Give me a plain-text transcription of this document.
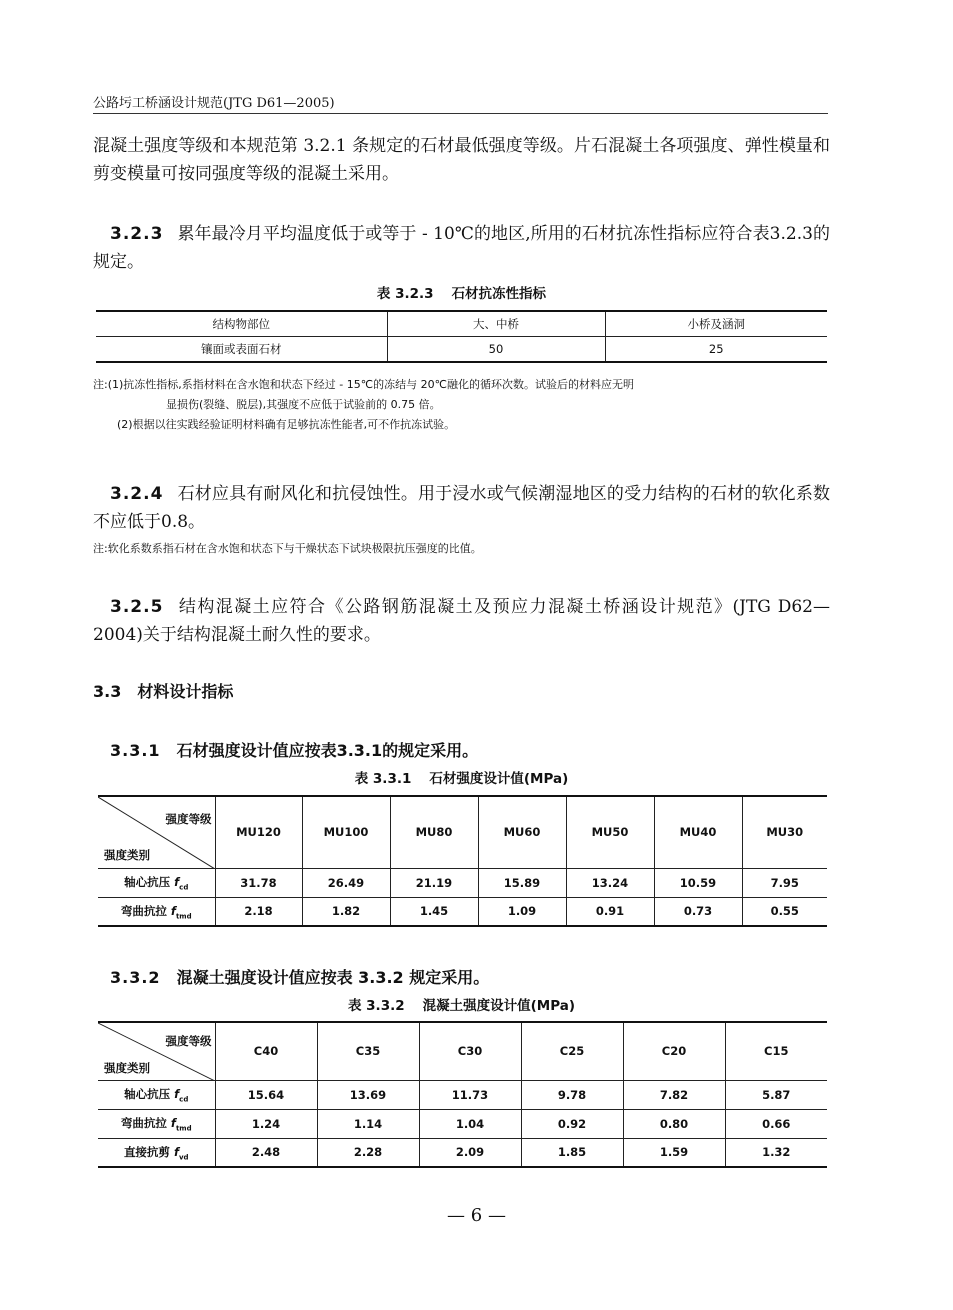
公路圬工桥涵设计规范(JTG D61—2005)
混凝土强度等级和本规范第 3.2.1 条规定的石材最低强度等级。片石混凝土各项强度、弹性模量和剪变模量可按同强度等级的混凝土采用。
3.2.3 累年最冷月平均温度低于或等于 - 10℃的地区,所用的石材抗冻性指标应符合表3.2.3的规定。
表 3.2.3 石材抗冻性指标
结构物部位	大、中桥	小桥及涵洞
镶面或表面石材	50	25
注:(1)抗冻性指标,系指材料在含水饱和状态下经过 - 15℃的冻结与 20℃融化的循环次数。试验后的材料应无明
显损伤(裂缝、脱层),其强度不应低于试验前的 0.75 倍。
(2)根据以往实践经验证明材料确有足够抗冻性能者,可不作抗冻试验。
3.2.4 石材应具有耐风化和抗侵蚀性。用于浸水或气候潮湿地区的受力结构的石材的软化系数不应低于0.8。
注:软化系数系指石材在含水饱和状态下与干燥状态下试块极限抗压强度的比值。
3.2.5 结构混凝土应符合《公路钢筋混凝土及预应力混凝土桥涵设计规范》(JTG D62—2004)关于结构混凝土耐久性的要求。
3.3 材料设计指标
3.3.1 石材强度设计值应按表3.3.1的规定采用。
表 3.3.1 石材强度设计值(MPa)
强度等级
强度类别	MU120	MU100	MU80	MU60	MU50	MU40	MU30
轴心抗压 $f_{cd}$	31.78	26.49	21.19	15.89	13.24	10.59	7.95
弯曲抗拉 $f_{tmd}$	2.18	1.82	1.45	1.09	0.91	0.73	0.55
3.3.2 混凝土强度设计值应按表 3.3.2 规定采用。
表 3.3.2 混凝土强度设计值(MPa)
强度等级
强度类别	C40	C35	C30	C25	C20	C15
轴心抗压 $f_{cd}$	15.64	13.69	11.73	9.78	7.82	5.87
弯曲抗拉 $f_{tmd}$	1.24	1.14	1.04	0.92	0.80	0.66
直接抗剪 $f_{vd}$	2.48	2.28	2.09	1.85	1.59	1.32
— 6 —
